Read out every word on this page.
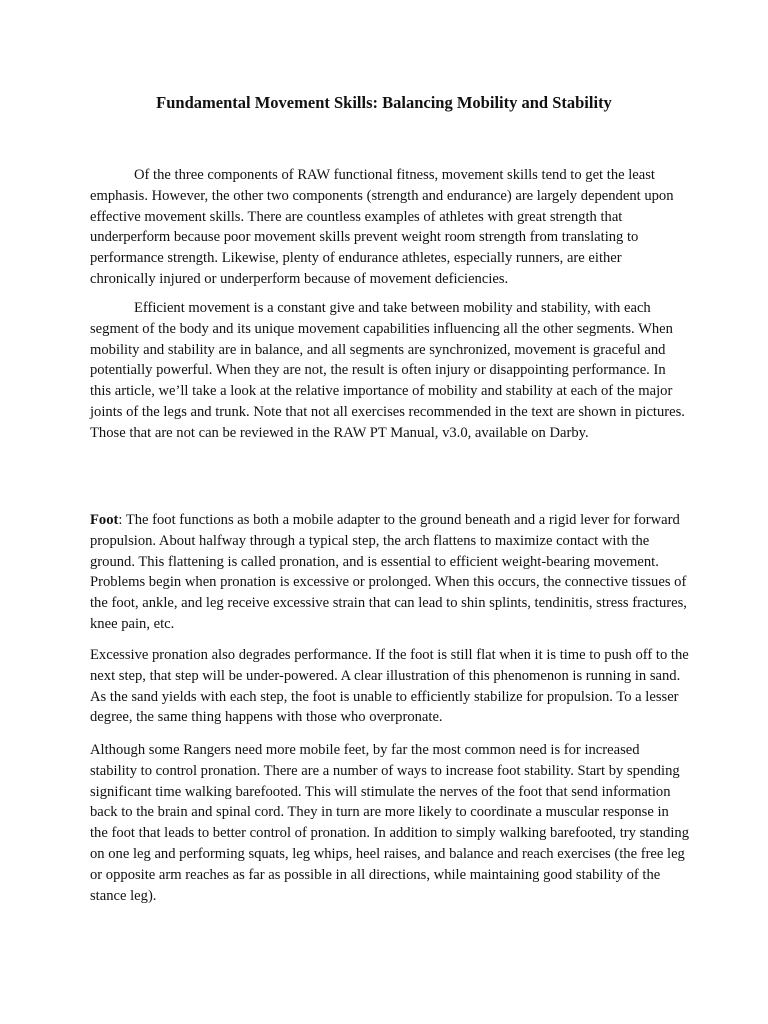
Fundamental Movement Skills: Balancing Mobility and Stability

Of the three components of RAW functional fitness, movement skills tend to get the least emphasis. However, the other two components (strength and endurance) are largely dependent upon effective movement skills. There are countless examples of athletes with great strength that underperform because poor movement skills prevent weight room strength from translating to performance strength. Likewise, plenty of endurance athletes, especially runners, are either chronically injured or underperform because of movement deficiencies.

Efficient movement is a constant give and take between mobility and stability, with each segment of the body and its unique movement capabilities influencing all the other segments. When mobility and stability are in balance, and all segments are synchronized, movement is graceful and potentially powerful. When they are not, the result is often injury or disappointing performance. In this article, we’ll take a look at the relative importance of mobility and stability at each of the major joints of the legs and trunk. Note that not all exercises recommended in the text are shown in pictures. Those that are not can be reviewed in the RAW PT Manual, v3.0, available on Darby.

Foot: The foot functions as both a mobile adapter to the ground beneath and a rigid lever for forward propulsion. About halfway through a typical step, the arch flattens to maximize contact with the ground. This flattening is called pronation, and is essential to efficient weight-bearing movement. Problems begin when pronation is excessive or prolonged. When this occurs, the connective tissues of the foot, ankle, and leg receive excessive strain that can lead to shin splints, tendinitis, stress fractures, knee pain, etc.

Excessive pronation also degrades performance. If the foot is still flat when it is time to push off to the next step, that step will be under-powered. A clear illustration of this phenomenon is running in sand. As the sand yields with each step, the foot is unable to efficiently stabilize for propulsion. To a lesser degree, the same thing happens with those who overpronate.

Although some Rangers need more mobile feet, by far the most common need is for increased stability to control pronation. There are a number of ways to increase foot stability. Start by spending significant time walking barefooted. This will stimulate the nerves of the foot that send information back to the brain and spinal cord. They in turn are more likely to coordinate a muscular response in the foot that leads to better control of pronation. In addition to simply walking barefooted, try standing on one leg and performing squats, leg whips, heel raises, and balance and reach exercises (the free leg or opposite arm reaches as far as possible in all directions, while maintaining good stability of the stance leg).
